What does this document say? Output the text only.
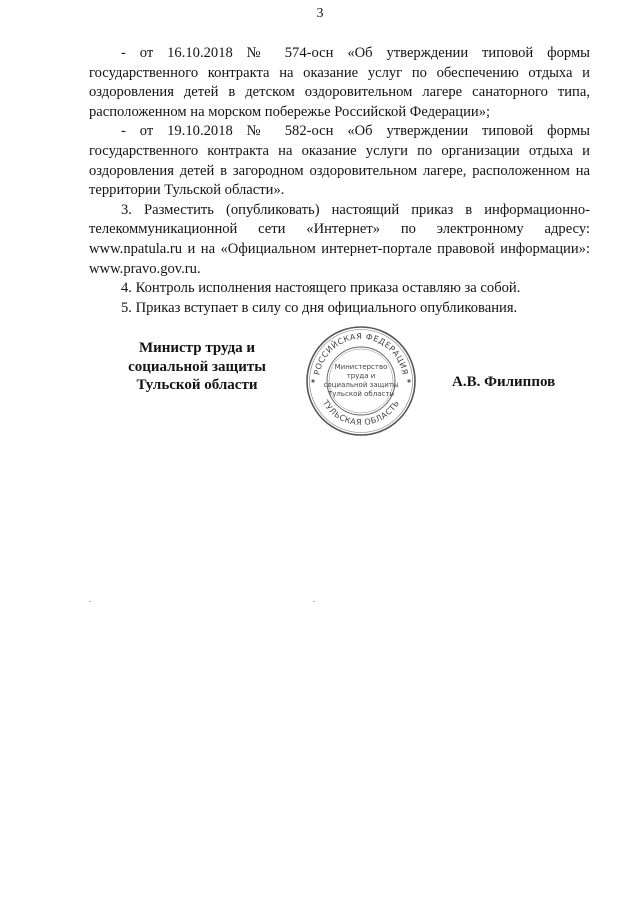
3

- от 16.10.2018 № 574-осн «Об утверждении типовой формы государственного контракта на оказание услуг по обеспечению отдыха и оздоровления детей в детском оздоровительном лагере санаторного типа, расположенном на морском побережье Российской Федерации»;

- от 19.10.2018 № 582-осн «Об утверждении типовой формы государственного контракта на оказание услуги по организации отдыха и оздоровления детей в загородном оздоровительном лагере, расположенном на территории Тульской области».

3. Разместить (опубликовать) настоящий приказ в информационно-телекоммуникационной сети «Интернет» по электронному адресу: www.npatula.ru и на «Официальном интернет-портале правовой информации»: www.pravo.gov.ru.

4. Контроль исполнения настоящего приказа оставляю за собой.

5. Приказ вступает в силу со дня официального опубликования.

Министр труда и
социальной защиты
Тульской области
РОССИЙСКАЯ ФЕДЕРАЦИЯ
ТУЛЬСКАЯ ОБЛАСТЬ
Министерство
труда и
социальной защиты
Тульской области
А.В. Филиппов
